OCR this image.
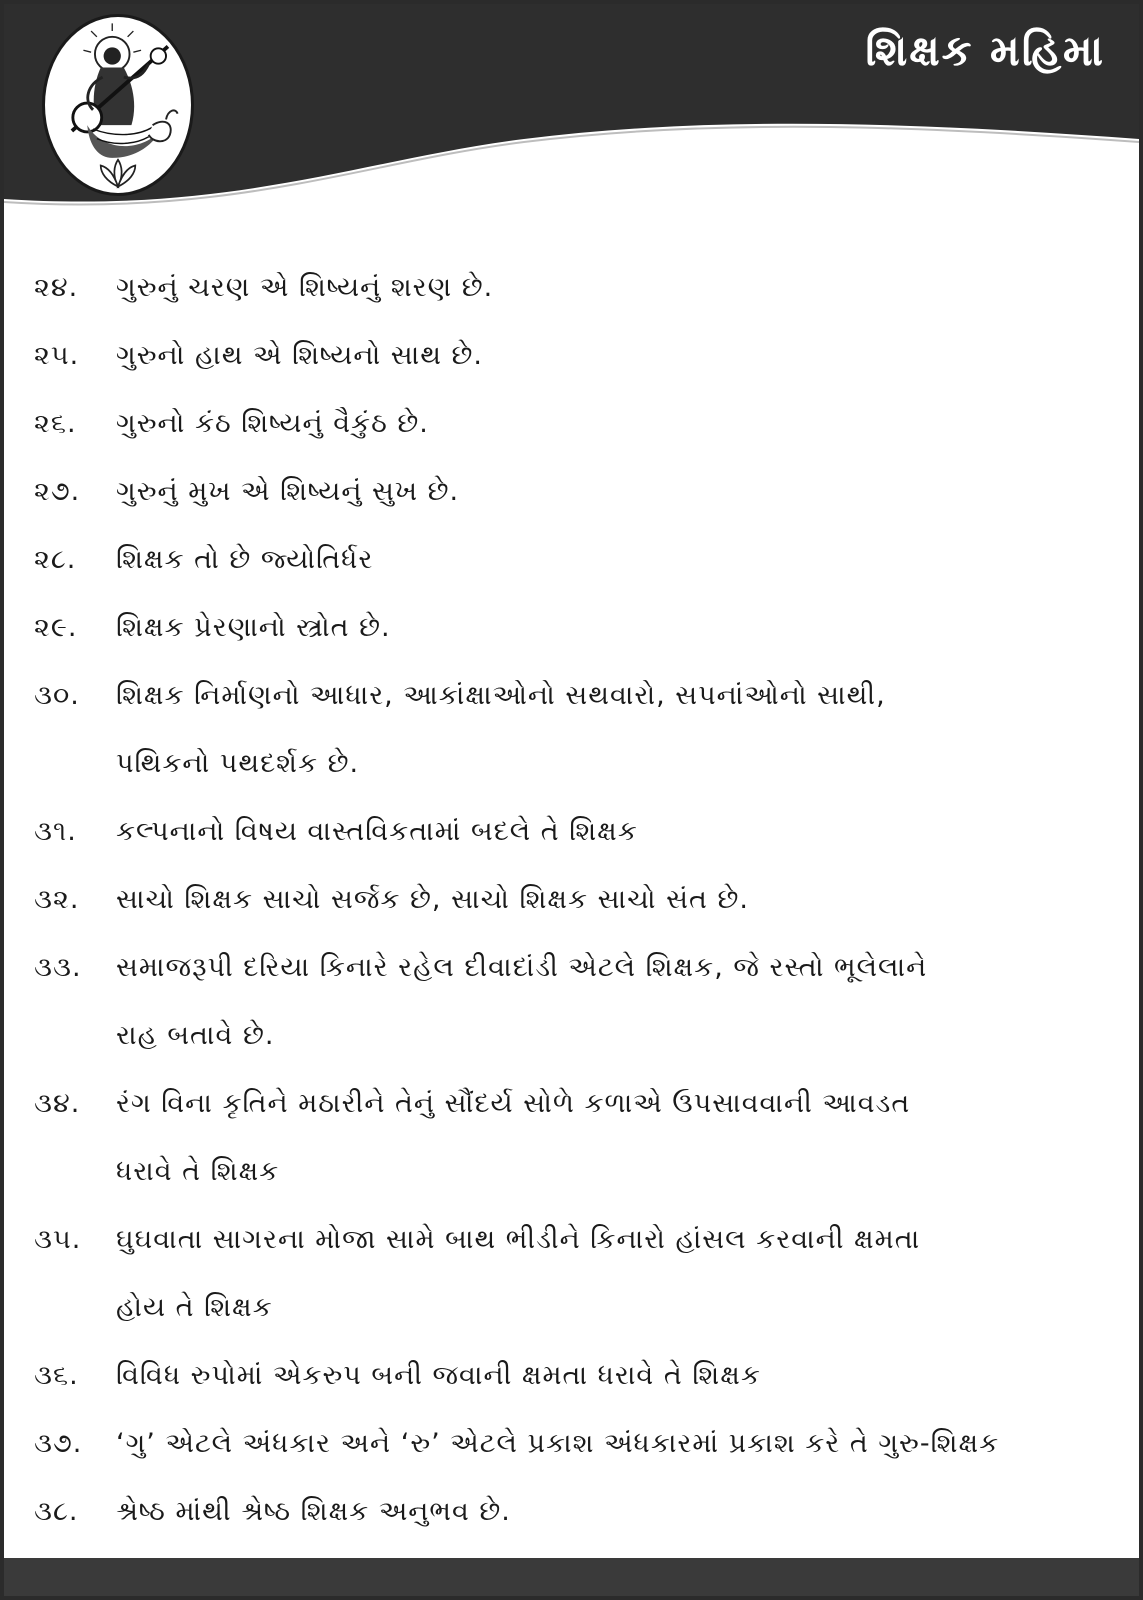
શિક્ષક મહિમા
૨૪.	ગુરુનું ચરણ એ શિષ્યનું શરણ છે.
૨૫.	ગુરુનો હાથ એ શિષ્યનો સાથ છે.
૨૬.	ગુરુનો કંઠ શિષ્યનું વૈકુંઠ છે.
૨૭.	ગુરુનું મુખ એ શિષ્યનું સુખ છે.
૨૮.	શિક્ષક તો છે જ્યોતિર્ધર
૨૯.	શિક્ષક પ્રેરણાનો સ્ત્રોત છે.
૩૦.	શિક્ષક નિર્માણનો આધાર, આકાંક્ષાઓનો સથવારો, સપનાંઓનો સાથી,
પથિકનો પથદર્શક છે.
૩૧.	કલ્પનાનો વિષય વાસ્તવિકતામાં બદલે તે શિક્ષક
૩૨.	સાચો શિક્ષક સાચો સર્જક છે, સાચો શિક્ષક સાચો સંત છે.
૩૩.	સમાજરૂપી દરિયા કિનારે રહેલ દીવાદાંડી એટલે શિક્ષક, જે રસ્તો ભૂલેલાને
રાહ બતાવે છે.
૩૪.	રંગ વિના કૃતિને મઠારીને તેનું સૌંદર્ય સોળે કળાએ ઉપસાવવાની આવડત
ધરાવે તે શિક્ષક
૩૫.	ઘુઘવાતા સાગરના મોજા સામે બાથ ભીડીને કિનારો હાંસલ કરવાની ક્ષમતા
હોય તે શિક્ષક
૩૬.	વિવિધ રુપોમાં એકરુપ બની જવાની ક્ષમતા ધરાવે તે શિક્ષક
૩૭.	‘ગુ’ એટલે અંધકાર અને ‘રુ’ એટલે પ્રકાશ અંધકારમાં પ્રકાશ કરે તે ગુરુ-શિક્ષક
૩૮.	શ્રેષ્ઠ માંથી શ્રેષ્ઠ શિક્ષક અનુભવ છે.
